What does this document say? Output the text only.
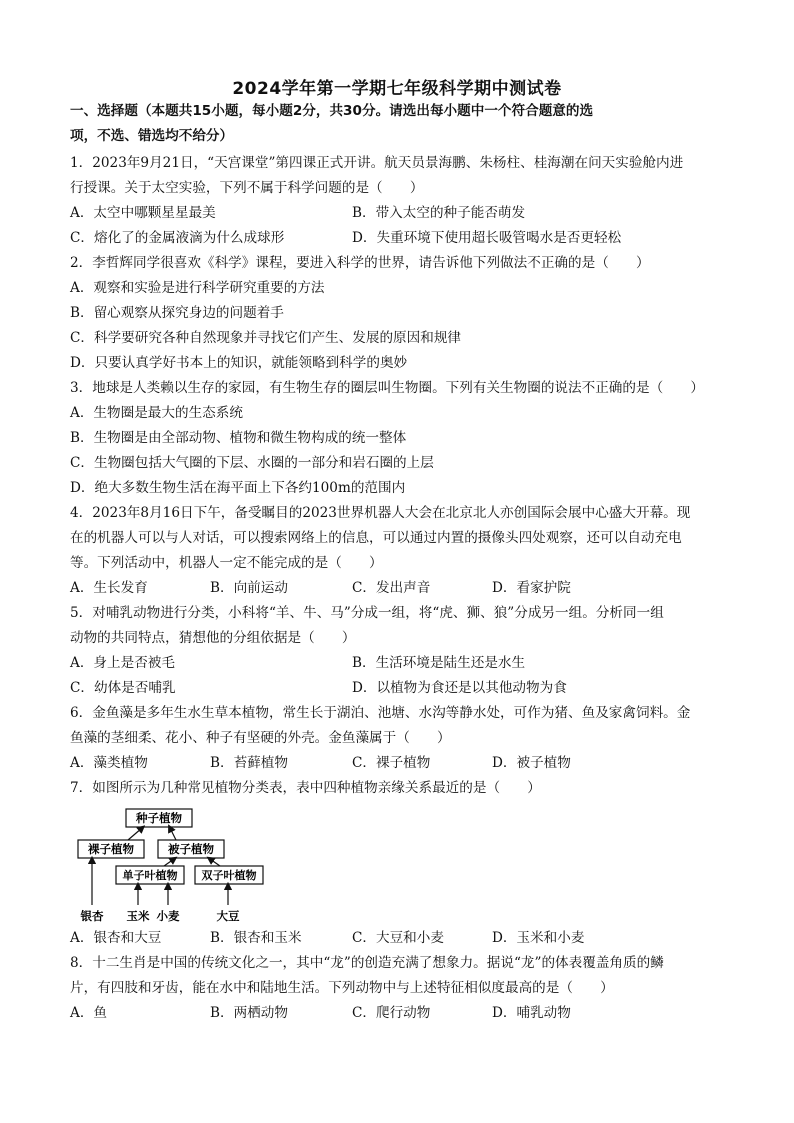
2024学年第一学期七年级科学期中测试卷
一、选择题（本题共15小题，每小题2分，共30分。请选出每小题中一个符合题意的选
项，不选、错选均不给分）
1．2023年9月21日，“天宫课堂”第四课正式开讲。航天员景海鹏、朱杨柱、桂海潮在问天实验舱内进
行授课。关于太空实验，下列不属于科学问题的是（　　）
A．太空中哪颗星星最美	B．带入太空的种子能否萌发
C．熔化了的金属液滴为什么成球形	D．失重环境下使用超长吸管喝水是否更轻松
2．李哲辉同学很喜欢《科学》课程，要进入科学的世界，请告诉他下列做法不正确的是（　　）
A．观察和实验是进行科学研究重要的方法
B．留心观察从探究身边的问题着手
C．科学要研究各种自然现象并寻找它们产生、发展的原因和规律
D．只要认真学好书本上的知识，就能领略到科学的奥妙
3．地球是人类赖以生存的家园，有生物生存的圈层叫生物圈。下列有关生物圈的说法不正确的是（　　）
A．生物圈是最大的生态系统
B．生物圈是由全部动物、植物和微生物构成的统一整体
C．生物圈包括大气圈的下层、水圈的一部分和岩石圈的上层
D．绝大多数生物生活在海平面上下各约100m的范围内
4．2023年8月16日下午，备受瞩目的2023世界机器人大会在北京北人亦创国际会展中心盛大开幕。现
在的机器人可以与人对话，可以搜索网络上的信息，可以通过内置的摄像头四处观察，还可以自动充电
等。下列活动中，机器人一定不能完成的是（　　）
A．生长发育	B．向前运动	C．发出声音	D．看家护院
5．对哺乳动物进行分类，小科将“羊、牛、马”分成一组，将“虎、狮、狼”分成另一组。分析同一组
动物的共同特点，猜想他的分组依据是（　　）
A．身上是否被毛	B．生活环境是陆生还是水生
C．幼体是否哺乳	D．以植物为食还是以其他动物为食
6．金鱼藻是多年生水生草本植物，常生长于湖泊、池塘、水沟等静水处，可作为猪、鱼及家禽饲料。金
鱼藻的茎细柔、花小、种子有坚硬的外壳。金鱼藻属于（　　）
A．藻类植物	B．苔藓植物	C．裸子植物	D．被子植物
7．如图所示为几种常见植物分类表，表中四种植物亲缘关系最近的是（　　）
种子植物
裸子植物	被子植物
单子叶植物 双子叶植物
银杏 玉米 小麦	大豆
A．银杏和大豆	B．银杏和玉米	C．大豆和小麦	D．玉米和小麦
8．十二生肖是中国的传统文化之一，其中“龙”的创造充满了想象力。据说“龙”的体表覆盖角质的鳞
片，有四肢和牙齿，能在水中和陆地生活。下列动物中与上述特征相似度最高的是（　　）
A．鱼	B．两栖动物	C．爬行动物	D．哺乳动物
